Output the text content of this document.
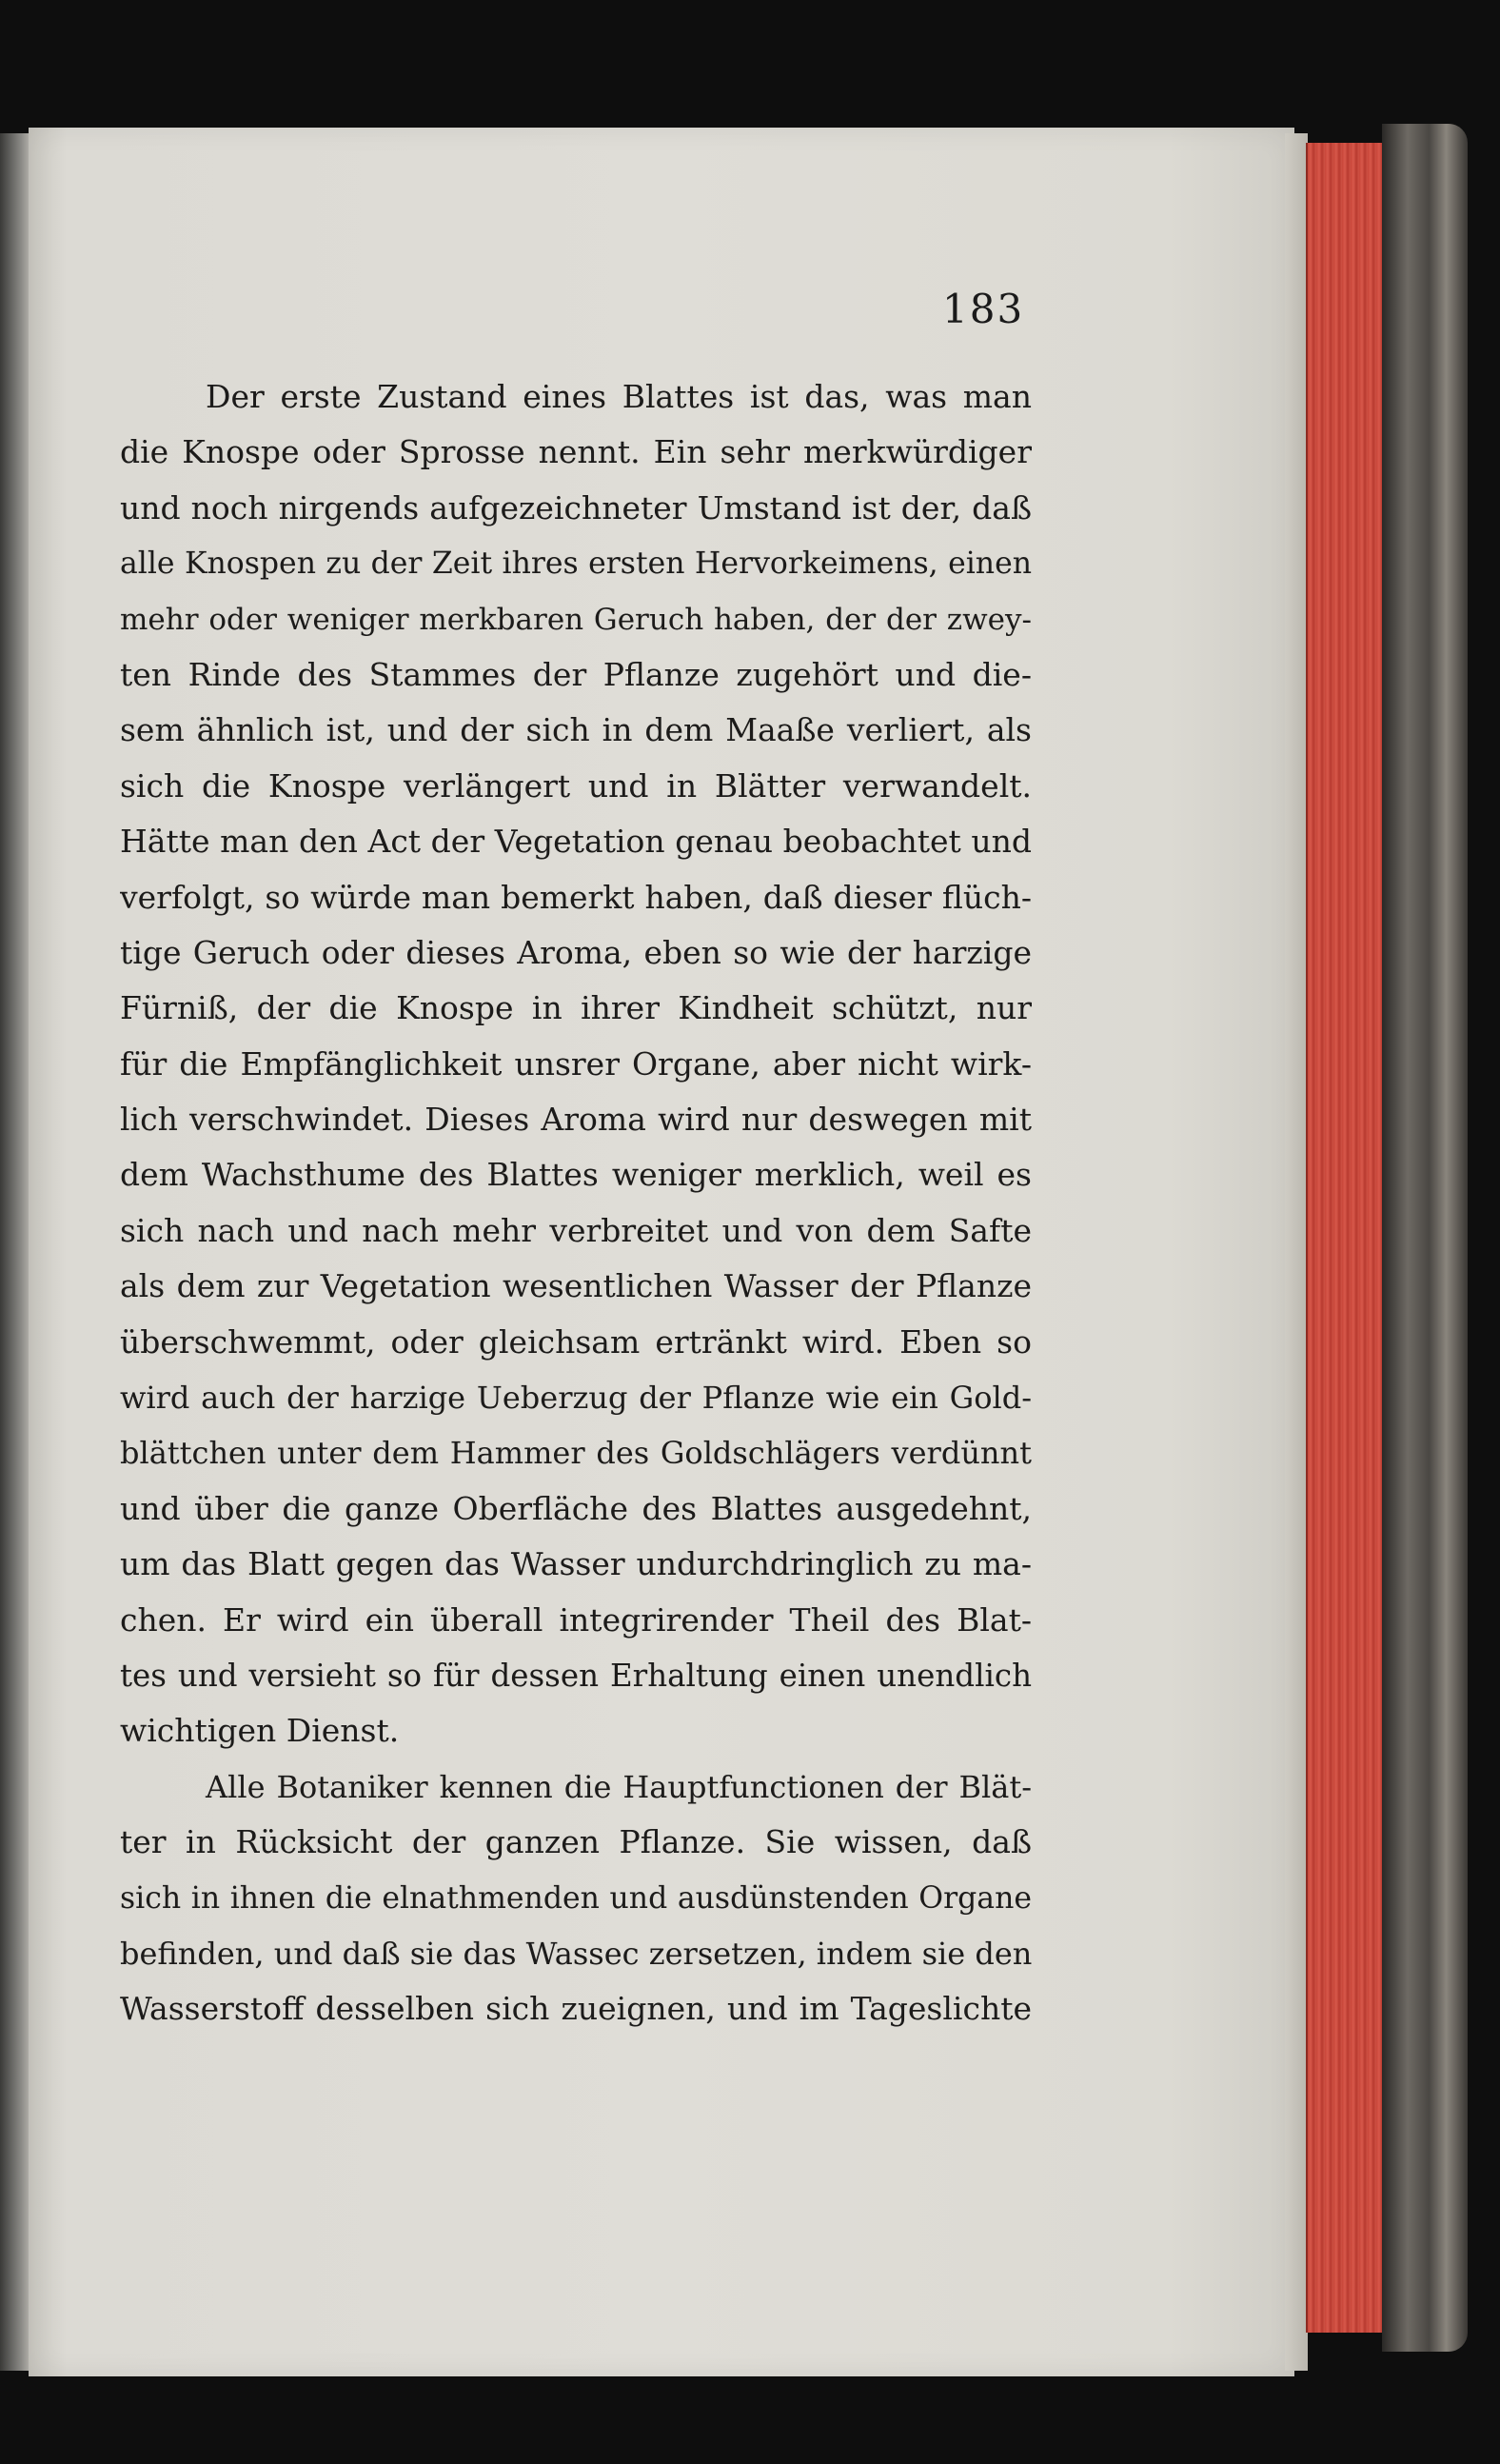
183
Der erste Zustand eines Blattes ist das, was man
die Knospe oder Sprosse nennt. Ein sehr merkwürdiger
und noch nirgends aufgezeichneter Umstand ist der, daß
alle Knospen zu der Zeit ihres ersten Hervorkeimens, einen
mehr oder weniger merkbaren Geruch haben, der der zwey-
ten Rinde des Stammes der Pflanze zugehört und die-
sem ähnlich ist, und der sich in dem Maaße verliert, als
sich die Knospe verlängert und in Blätter verwandelt.
Hätte man den Act der Vegetation genau beobachtet und
verfolgt, so würde man bemerkt haben, daß dieser flüch-
tige Geruch oder dieses Aroma, eben so wie der harzige
Fürniß, der die Knospe in ihrer Kindheit schützt, nur
für die Empfänglichkeit unsrer Organe, aber nicht wirk-
lich verschwindet. Dieses Aroma wird nur deswegen mit
dem Wachsthume des Blattes weniger merklich, weil es
sich nach und nach mehr verbreitet und von dem Safte
als dem zur Vegetation wesentlichen Wasser der Pflanze
überschwemmt, oder gleichsam ertränkt wird. Eben so
wird auch der harzige Ueberzug der Pflanze wie ein Gold-
blättchen unter dem Hammer des Goldschlägers verdünnt
und über die ganze Oberfläche des Blattes ausgedehnt,
um das Blatt gegen das Wasser undurchdringlich zu ma-
chen. Er wird ein überall integrirender Theil des Blat-
tes und versieht so für dessen Erhaltung einen unendlich
wichtigen Dienst.
Alle Botaniker kennen die Hauptfunctionen der Blät-
ter in Rücksicht der ganzen Pflanze. Sie wissen, daß
sich in ihnen die elnathmenden und ausdünstenden Organe
befinden, und daß sie das Wassec zersetzen, indem sie den
Wasserstoff desselben sich zueignen, und im Tageslichte
